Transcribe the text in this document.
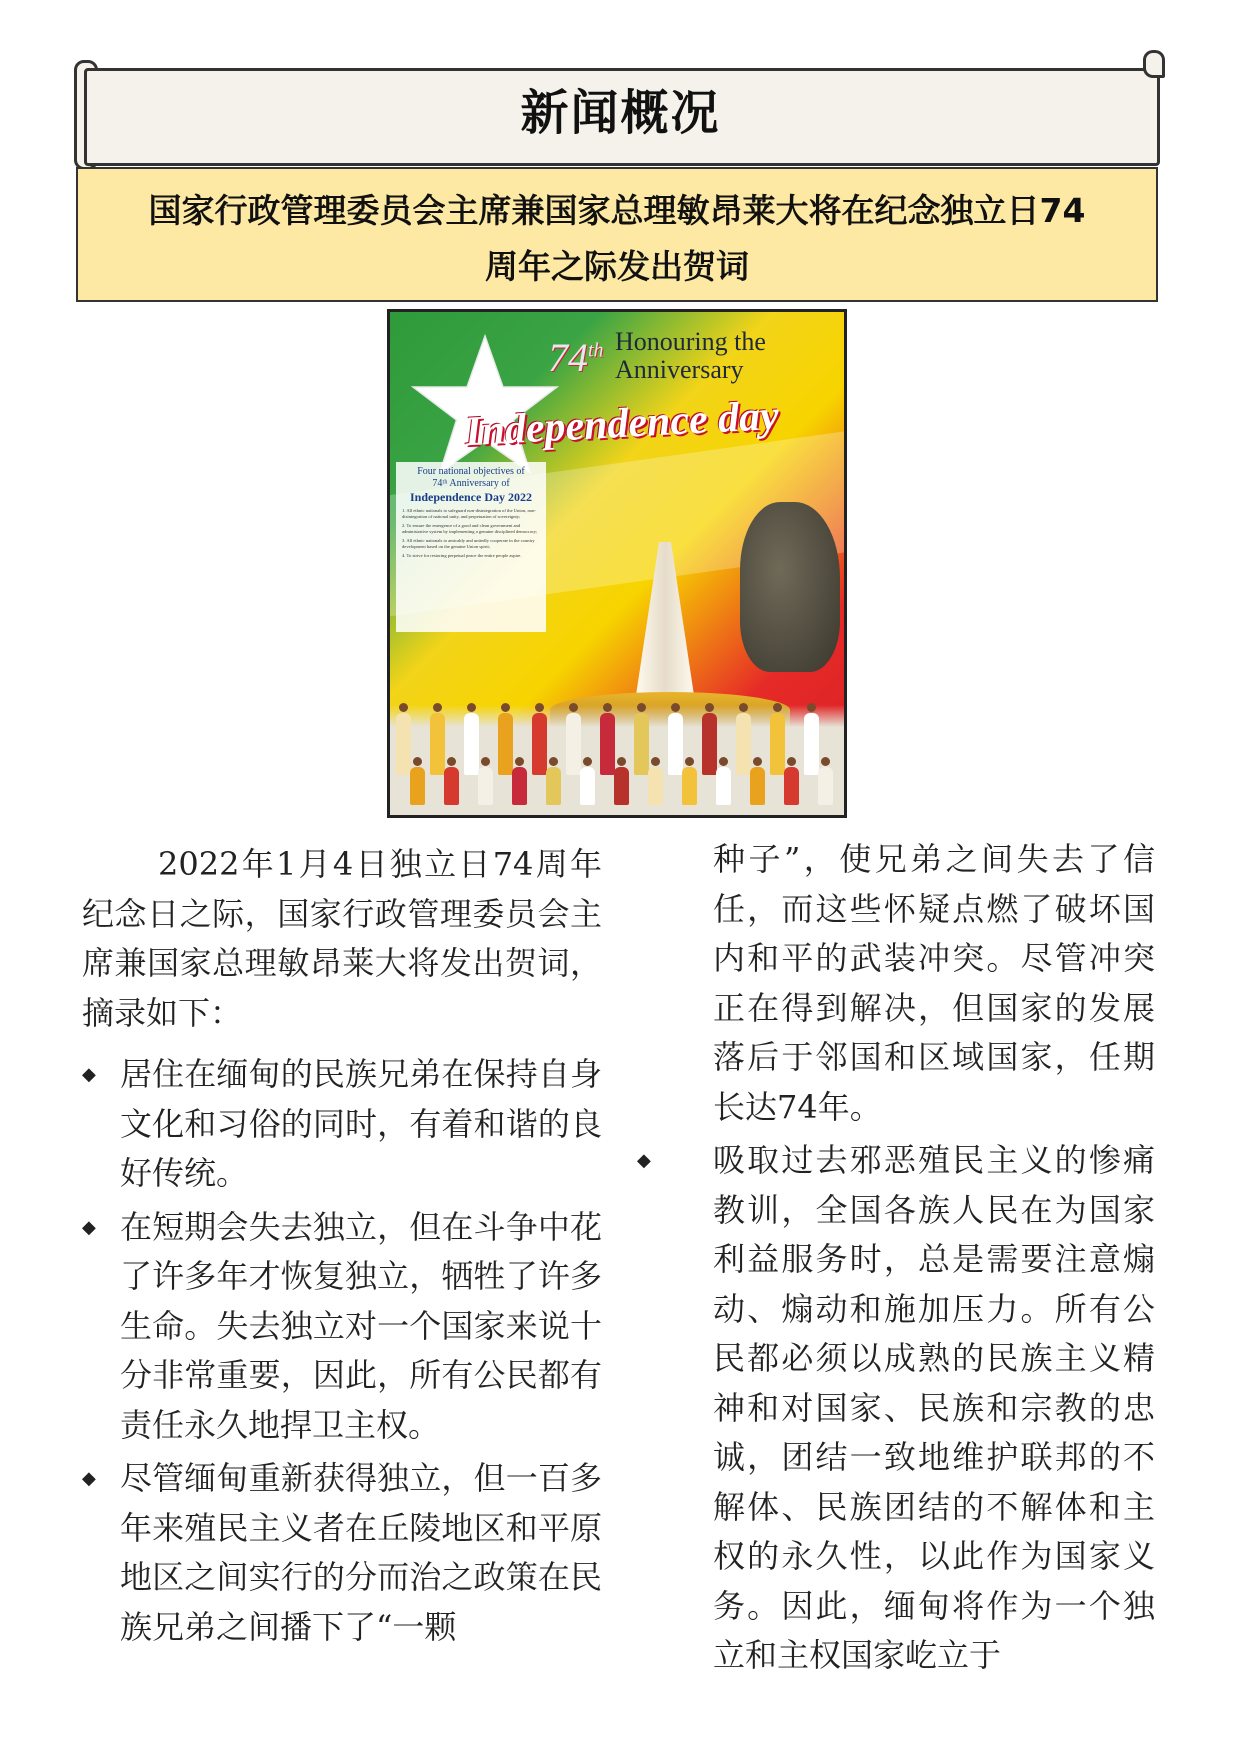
新闻概况
国家行政管理委员会主席兼国家总理敏昂莱大将在纪念独立日74
周年之际发出贺词
74th Honouring the
Anniversary
Independence day
Four national objectives of
74ᵗʰ Anniversary of
Independence Day 2022
1. All ethnic nationals to safeguard non-disintegration of the Union, non-disintegration of national unity, and perpetuation of sovereignty;
2. To ensure the emergence of a good and clean government and administrative system by implementing a genuine disciplined democracy;
3. All ethnic nationals to amicably and unitedly cooperate in the country development based on the genuine Union spirit;
4. To strive for restoring perpetual peace the entire people aspire.

2022年1月4日独立日74周年纪念日之际，国家行政管理委员会主席兼国家总理敏昂莱大将发出贺词，摘录如下：

◆ 居住在缅甸的民族兄弟在保持自身文化和习俗的同时，有着和谐的良好传统。
◆ 在短期会失去独立，但在斗争中花了许多年才恢复独立，牺牲了许多生命。失去独立对一个国家来说十分非常重要，因此，所有公民都有责任永久地捍卫主权。
◆ 尽管缅甸重新获得独立，但一百多年来殖民主义者在丘陵地区和平原地区之间实行的分而治之政策在民族兄弟之间播下了“一颗
种子”，使兄弟之间失去了信任，而这些怀疑点燃了破坏国内和平的武装冲突。尽管冲突正在得到解决，但国家的发展落后于邻国和区域国家，任期长达74年。
◆ 吸取过去邪恶殖民主义的惨痛教训，全国各族人民在为国家利益服务时，总是需要注意煽动、煽动和施加压力。所有公民都必须以成熟的民族主义精神和对国家、民族和宗教的忠诚，团结一致地维护联邦的不解体、民族团结的不解体和主权的永久性，以此作为国家义务。因此，缅甸将作为一个独立和主权国家屹立于
